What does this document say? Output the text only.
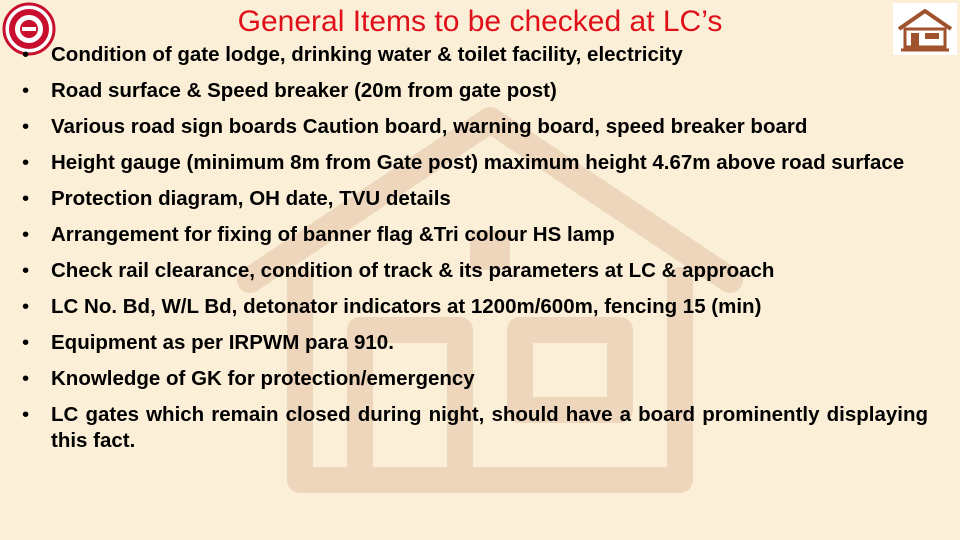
General Items to be checked at LC’s
• Condition of gate lodge, drinking water & toilet facility, electricity
• Road surface & Speed breaker (20m from gate post)
• Various road sign boards Caution board, warning board, speed breaker board
• Height gauge (minimum 8m from Gate post) maximum height 4.67m above road surface
• Protection diagram, OH date, TVU details
• Arrangement for fixing of banner flag &Tri colour HS lamp
• Check rail clearance, condition of track & its parameters at LC & approach
• LC No. Bd, W/L Bd, detonator indicators at 1200m/600m, fencing 15 (min)
• Equipment as per IRPWM para 910.
• Knowledge of GK for protection/emergency
• LC gates which remain closed during night, should have a board prominently displaying this fact.
